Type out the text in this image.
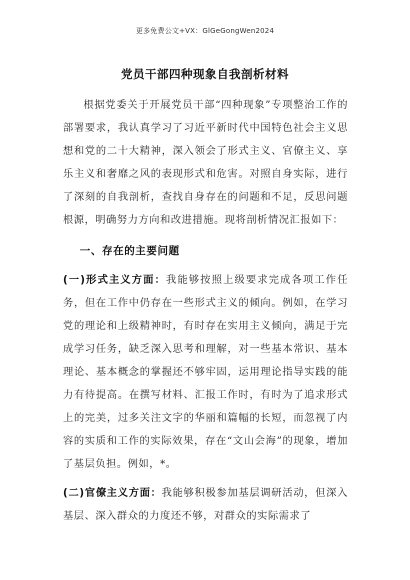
更多免费公文+VX：GlGeGongWen2024
党员干部四种现象自我剖析材料

根据党委关于开展党员干部“四种现象”专项整治工作的部署要求，我认真学习了习近平新时代中国特色社会主义思想和党的二十大精神，深入领会了形式主义、官僚主义、享乐主义和奢靡之风的表现形式和危害。对照自身实际，进行了深刻的自我剖析，查找自身存在的问题和不足，反思问题根源，明确努力方向和改进措施。现将剖析情况汇报如下：

一、存在的主要问题

(一)形式主义方面：我能够按照上级要求完成各项工作任务，但在工作中仍存在一些形式主义的倾向。例如，在学习党的理论和上级精神时，有时存在实用主义倾向，满足于完成学习任务，缺乏深入思考和理解，对一些基本常识、基本理论、基本概念的掌握还不够牢固，运用理论指导实践的能力有待提高。在撰写材料、汇报工作时，有时为了追求形式上的完美，过多关注文字的华丽和篇幅的长短，而忽视了内容的实质和工作的实际效果，存在“文山会海”的现象，增加了基层负担。例如，*。

(二)官僚主义方面：我能够积极参加基层调研活动，但深入基层、深入群众的力度还不够，对群众的实际需求了
